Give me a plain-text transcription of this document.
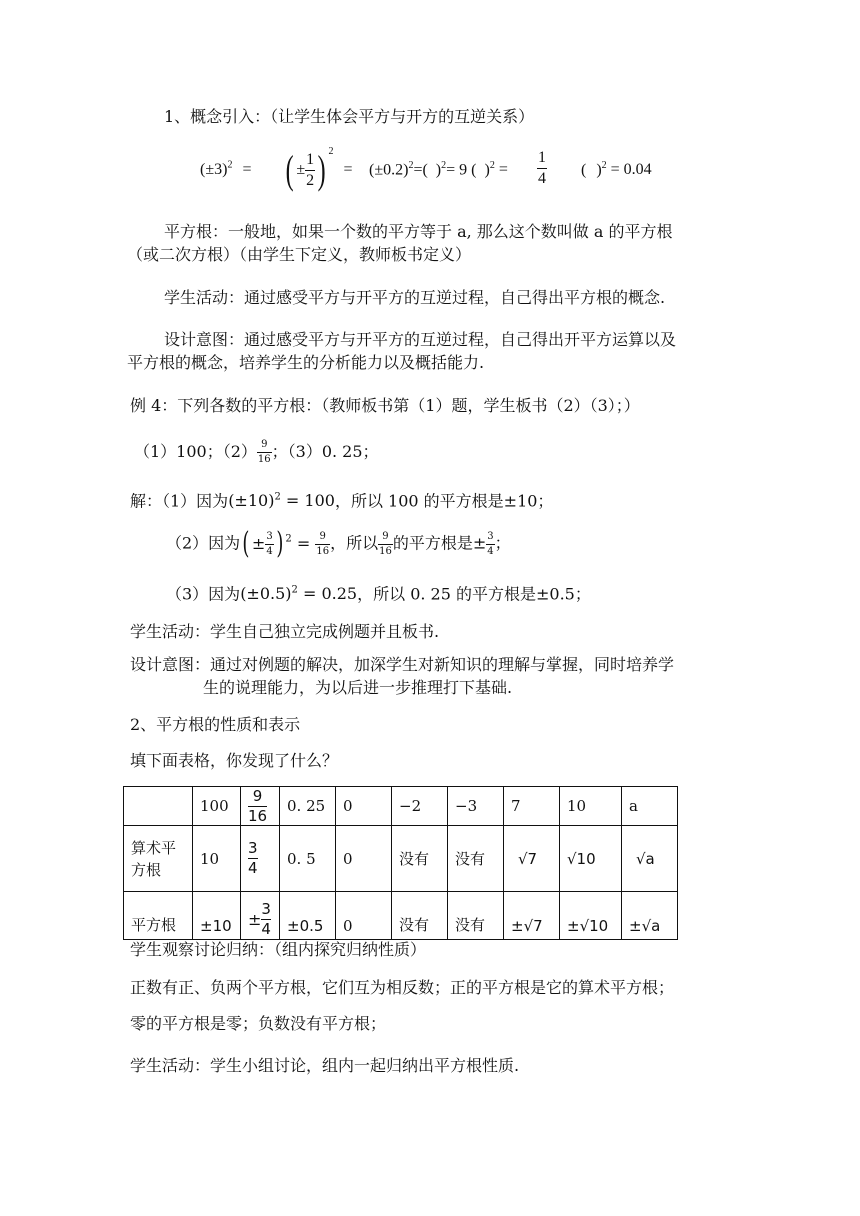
1、概念引入：（让学生体会平方与开方的互逆关系）
$(\pm 3)^2$ = ( ± $\frac{1}{2}$ ) $^2 = (\pm 0.2)^2=$( )$^2$= 9 ( )$^2 = \frac{1}{4}$ ( )$^2$ = 0.04
平方根：一般地，如果一个数的平方等于 a, 那么这个数叫做 a 的平方根
（或二次方根）（由学生下定义，教师板书定义）
学生活动：通过感受平方与开平方的互逆过程，自己得出平方根的概念.
设计意图：通过感受平方与开平方的互逆过程，自己得出开平方运算以及
平方根的概念，培养学生的分析能力以及概括能力.
例 4：下列各数的平方根：（教师板书第（1）题，学生板书（2）（3）；）
（1）100；$(2) \frac{9}{16}$ ；（3）0. 25；
解：（1）因为$(\pm 10)^2 = 100$，所以 100 的平方根是±10；
（2）因为( ± $\frac{3}{4}$ ) $^2 = \frac{9}{16}$ ，所以 $\frac{9}{16}$ 的平方根是± $\frac{3}{4}$ ；
（3）因为$(\pm 0.5)^2 = 0.25$，所以 0. 25 的平方根是±0.5；
学生活动：学生自己独立完成例题并且板书.
设计意图：通过对例题的解决，加深学生对新知识的理解与掌握，同时培养学
生的说理能力，为以后进一步推理打下基础.
2、平方根的性质和表示
填下面表格，你发现了什么？
	100	$\frac{9}{16}$	0. 25	0	−2	−3	7	10	a
算术平
方根	10	$\frac{3}{4}$	0. 5	0	没有	没有	√7	√10	√a
平方根	±10	± $\frac{3}{4}$	±0.5	0	没有	没有	±√7	±√10	±√a
学生观察讨论归纳：（组内探究归纳性质）
正数有正、负两个平方根，它们互为相反数；正的平方根是它的算术平方根；
零的平方根是零；负数没有平方根；
学生活动：学生小组讨论，组内一起归纳出平方根性质.
